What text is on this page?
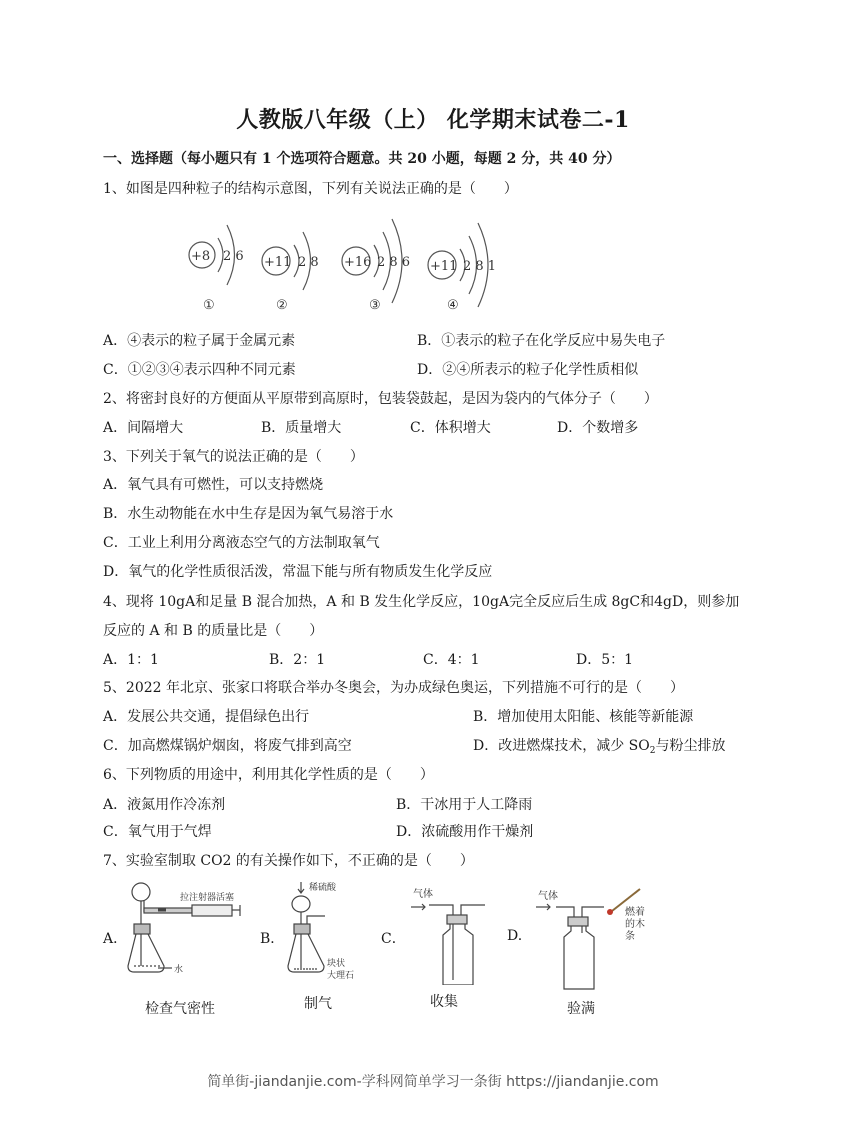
人教版八年级（上） 化学期末试卷二-1
一、选择题（每小题只有 1 个选项符合题意。共 20 小题，每题 2 分，共 40 分）
1、如图是四种粒子的结构示意图，下列有关说法正确的是（　　）
+8 2 6
①
+11 2 8
②
+16 2 8 6
③
+11 2 8 1
④
A．④表示的粒子属于金属元素	B．①表示的粒子在化学反应中易失电子
C．①②③④表示四种不同元素	D．②④所表示的粒子化学性质相似
2、将密封良好的方便面从平原带到高原时，包装袋鼓起，是因为袋内的气体分子（　　）
A．间隔增大	B．质量增大	C．体积增大	D．个数增多
3、下列关于氧气的说法正确的是（　　）
A．氧气具有可燃性，可以支持燃烧
B．水生动物能在水中生存是因为氧气易溶于水
C．工业上利用分离液态空气的方法制取氧气
D．氧气的化学性质很活泼，常温下能与所有物质发生化学反应
4、现将 10gA和足量 B 混合加热，A 和 B 发生化学反应，10gA完全反应后生成 8gC和4gD，则参加
反应的 A 和 B 的质量比是（　　）
A．1：1	B．2：1	C．4：1	D．5：1
5、2022 年北京、张家口将联合举办冬奥会，为办成绿色奥运，下列措施不可行的是（　　）
A．发展公共交通，提倡绿色出行	B．增加使用太阳能、核能等新能源
C．加高燃煤锅炉烟囱，将废气排到高空	D．改进燃煤技术，减少 $SO_2$与粉尘排放
6、下列物质的用途中，利用其化学性质的是（　　）
A．液氮用作冷冻剂	B．干冰用于人工降雨
C．氧气用于气焊	D．浓硫酸用作干燥剂
7、实验室制取 CO2 的有关操作如下，不正确的是（　　）
A．
拉注射器活塞
水
检查气密性
B．
稀硫酸
块状
大理石
制气
C．
气体
收集
D.
气体
燃着
的木
条
验满
简单街-jiandanjie.com-学科网简单学习一条街 https://jiandanjie.com
